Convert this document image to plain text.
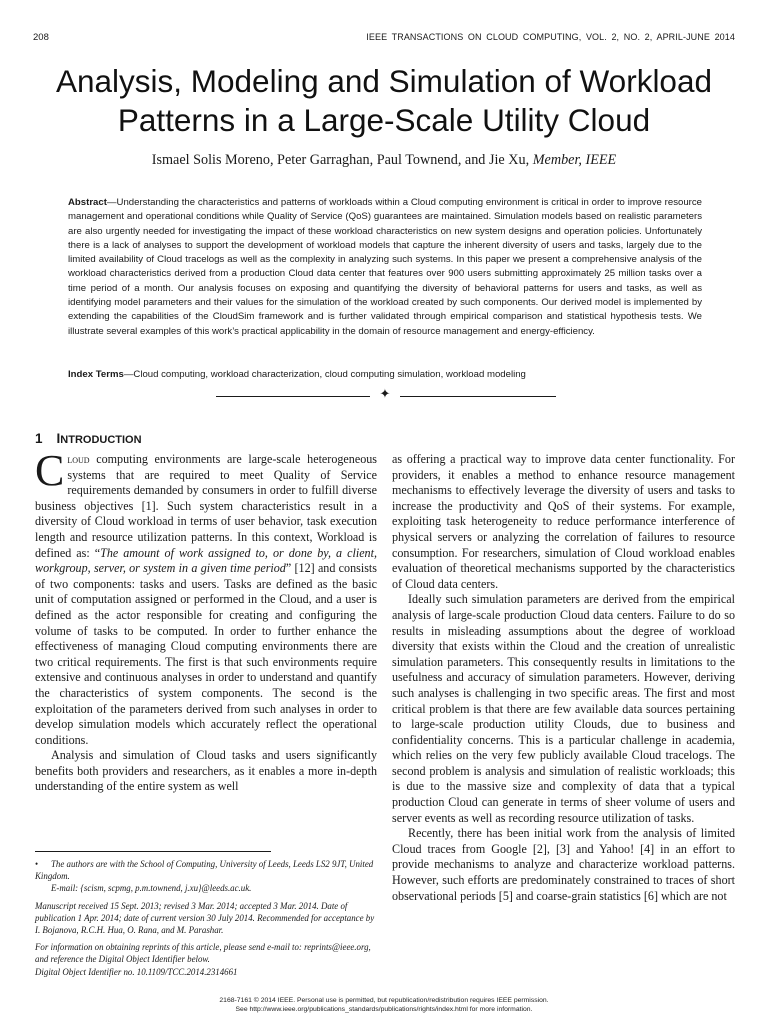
208	IEEE TRANSACTIONS ON CLOUD COMPUTING, VOL. 2, NO. 2, APRIL-JUNE 2014
Analysis, Modeling and Simulation of Workload
Patterns in a Large-Scale Utility Cloud
Ismael Solis Moreno, Peter Garraghan, Paul Townend, and Jie Xu, Member, IEEE

Abstract—Understanding the characteristics and patterns of workloads within a Cloud computing environment is critical in order to improve resource management and operational conditions while Quality of Service (QoS) guarantees are maintained. Simulation models based on realistic parameters are also urgently needed for investigating the impact of these workload characteristics on new system designs and operation policies. Unfortunately there is a lack of analyses to support the development of workload models that capture the inherent diversity of users and tasks, largely due to the limited availability of Cloud tracelogs as well as the complexity in analyzing such systems. In this paper we present a comprehensive analysis of the workload characteristics derived from a production Cloud data center that features over 900 users submitting approximately 25 million tasks over a time period of a month. Our analysis focuses on exposing and quantifying the diversity of behavioral patterns for users and tasks, as well as identifying model parameters and their values for the simulation of the workload created by such components. Our derived model is implemented by extending the capabilities of the CloudSim framework and is further validated through empirical comparison and statistical hypothesis tests. We illustrate several examples of this work’s practical applicability in the domain of resource management and energy-efficiency.

Index Terms—Cloud computing, workload characterization, cloud computing simulation, workload modeling
✦
1 INTRODUCTION

Cloud computing environments are large-scale heterogeneous systems that are required to meet Quality of Service requirements demanded by consumers in order to fulfill diverse business objectives [1]. Such system characteristics result in a diversity of Cloud workload in terms of user behavior, task execution length and resource utilization patterns. In this context, Workload is defined as: “The amount of work assigned to, or done by, a client, workgroup, server, or system in a given time period” [12] and consists of two components: tasks and users. Tasks are defined as the basic unit of computation assigned or performed in the Cloud, and a user is defined as the actor responsible for creating and configuring the volume of tasks to be computed. In order to further enhance the effectiveness of managing Cloud computing environments there are two critical requirements. The first is that such environments require extensive and continuous analyses in order to understand and quantify the characteristics of system components. The second is the exploitation of the parameters derived from such analyses in order to develop simulation models which accurately reflect the operational conditions.

Analysis and simulation of Cloud tasks and users significantly benefits both providers and researchers, as it enables a more in-depth understanding of the entire system as well

•	The authors are with the School of Computing, University of Leeds, Leeds LS2 9JT, United Kingdom.
E-mail: {scism, scpmg, p.m.townend, j.xu}@leeds.ac.uk.

Manuscript received 15 Sept. 2013; revised 3 Mar. 2014; accepted 3 Mar. 2014. Date of publication 1 Apr. 2014; date of current version 30 July 2014. Recommended for acceptance by I. Bojanova, R.C.H. Hua, O. Rana, and M. Parashar.

For information on obtaining reprints of this article, please send e-mail to: reprints@ieee.org, and reference the Digital Object Identifier below.

Digital Object Identifier no. 10.1109/TCC.2014.2314661

as offering a practical way to improve data center functionality. For providers, it enables a method to enhance resource management mechanisms to effectively leverage the diversity of users and tasks to increase the productivity and QoS of their systems. For example, exploiting task heterogeneity to reduce performance interference of physical servers or analyzing the correlation of failures to resource consumption. For researchers, simulation of Cloud workload enables evaluation of theoretical mechanisms supported by the characteristics of Cloud data centers.

Ideally such simulation parameters are derived from the empirical analysis of large-scale production Cloud data centers. Failure to do so results in misleading assumptions about the degree of workload diversity that exists within the Cloud and the creation of unrealistic simulation parameters. This consequently results in limitations to the usefulness and accuracy of simulation parameters. However, deriving such analyses is challenging in two specific areas. The first and most critical problem is that there are few available data sources pertaining to large-scale production utility Clouds, due to business and confidentiality concerns. This is a particular challenge in academia, which relies on the very few publicly available Cloud tracelogs. The second problem is analysis and simulation of realistic workloads; this is due to the massive size and complexity of data that a typical production Cloud can generate in terms of sheer volume of users and server events as well as recording resource utilization of tasks.

Recently, there has been initial work from the analysis of limited Cloud traces from Google [2], [3] and Yahoo! [4] in an effort to provide mechanisms to analyze and characterize workload patterns. However, such efforts are predominately constrained to traces of short observational periods [5] and coarse-grain statistics [6] which are not

2168-7161 © 2014 IEEE. Personal use is permitted, but republication/redistribution requires IEEE permission.
See http://www.ieee.org/publications_standards/publications/rights/index.html for more information.
